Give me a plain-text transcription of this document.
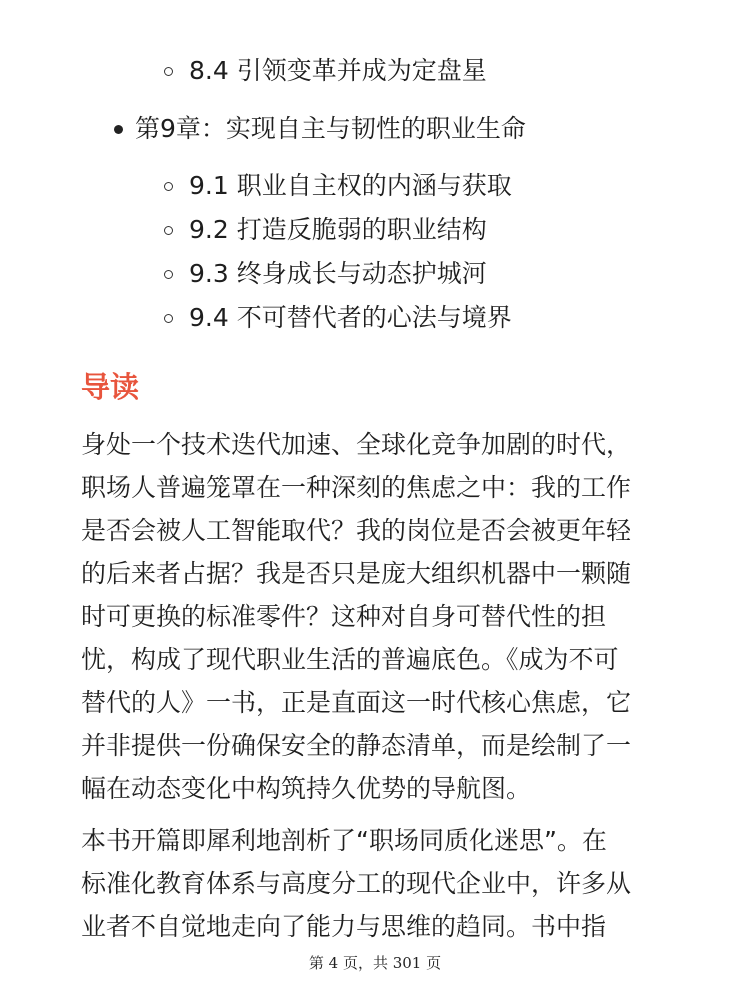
8.4 引领变革并成为定盘星
第9章：实现自主与韧性的职业生命
9.1 职业自主权的内涵与获取
9.2 打造反脆弱的职业结构
9.3 终身成长与动态护城河
9.4 不可替代者的心法与境界
导读
身处一个技术迭代加速、全球化竞争加剧的时代，
职场人普遍笼罩在一种深刻的焦虑之中：我的工作
是否会被人工智能取代？我的岗位是否会被更年轻
的后来者占据？我是否只是庞大组织机器中一颗随
时可更换的标准零件？这种对自身可替代性的担
忧，构成了现代职业生活的普遍底色。《成为不可
替代的人》一书，正是直面这一时代核心焦虑，它
并非提供一份确保安全的静态清单，而是绘制了一
幅在动态变化中构筑持久优势的导航图。
本书开篇即犀利地剖析了“职场同质化迷思”。在
标准化教育体系与高度分工的现代企业中，许多从
业者不自觉地走向了能力与思维的趋同。书中指
第 4 页，共 301 页
